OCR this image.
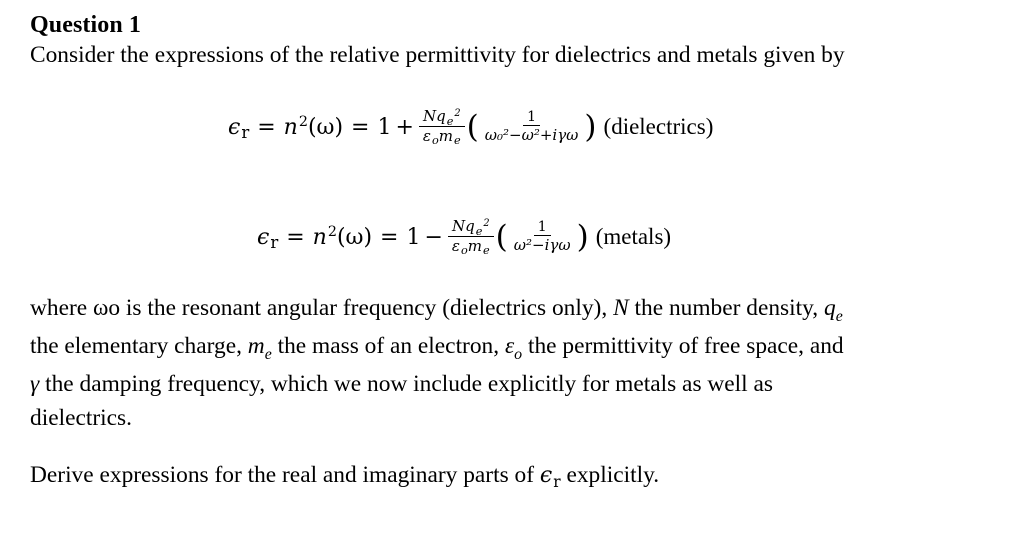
Question 1
Consider the expressions of the relative permittivity for dielectrics and metals given by
$\epsilon_r = n^2(\omega) = 1 + \frac{Nq_e^2}{\varepsilon_om_e}$ ( $\frac{1}{\text{ω₀²−ω²+iγω}}$ ) (dielectrics)
$\epsilon_r = n^2(\omega) = 1 - \frac{Nq_e^2}{\varepsilon_om_e}$ ( $\frac{1}{\text{ω²−iγω}}$ ) (metals)
where ωo is the resonant angular frequency (dielectrics only), N the number density, $q_e$
the elementary charge, $m_e$ the mass of an electron, $\varepsilon_o$ the permittivity of free space, and
γ the damping frequency, which we now include explicitly for metals as well as
dielectrics.
Derive expressions for the real and imaginary parts of $\epsilon_r$ explicitly.
